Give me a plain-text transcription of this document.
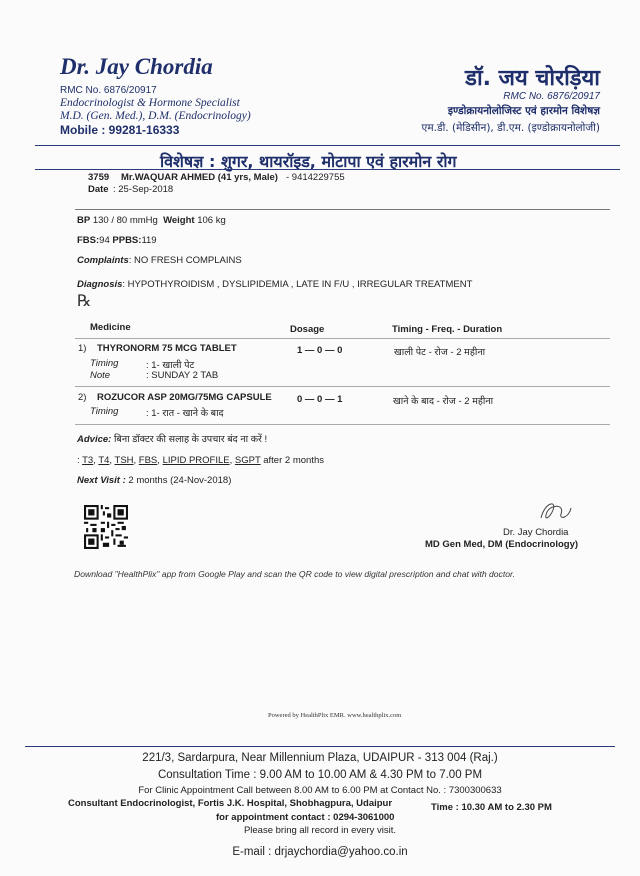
Dr. Jay Chordia
RMC No. 6876/20917
Endocrinologist & Hormone Specialist
M.D. (Gen. Med.), D.M. (Endocrinology)
Mobile : 99281-16333
डॉ. जय चोरड़िया
RMC No. 6876/20917
इण्डोक्रायनोलोजिस्ट एवं हारमोन विशेषज्ञ
एम.डी. (मेडिसीन), डी.एम. (इण्डोक्रायनोलोजी)
विशेषज्ञ : शुगर, थायरॉइड, मोटापा एवं हारमोन रोग
3759 Mr.WAQUAR AHMED (41 yrs, Male) - 9414229755
Date : 25-Sep-2018
BP 130 / 80 mmHg Weight 106 kg
FBS:94 PPBS:119
Complaints: NO FRESH COMPLAINS
Diagnosis: HYPOTHYROIDISM , DYSLIPIDEMIA , LATE IN F/U , IRREGULAR TREATMENT
℞
Medicine	Dosage	Timing - Freq. - Duration
1) THYRONORM 75 MCG TABLET	1 — 0 — 0	खाली पेट - रोज - 2 महीना
Timing	: 1- खाली पेट
Note	: SUNDAY 2 TAB
2) ROZUCOR ASP 20MG/75MG CAPSULE	0 — 0 — 1	खाने के बाद - रोज - 2 महीना
Timing	: 1- रात - खाने के बाद
Advice: बिना डॉक्टर की सलाह के उपचार बंद ना करें !
: T3, T4, TSH, FBS, LIPID PROFILE, SGPT after 2 months
Next Visit : 2 months (24-Nov-2018)
Dr. Jay Chordia
MD Gen Med, DM (Endocrinology)
Download "HealthPlix" app from Google Play and scan the QR code to view digital prescription and chat with doctor.
Powered by HealthPlix EMR. www.healthplix.com
221/3, Sardarpura, Near Millennium Plaza, UDAIPUR - 313 004 (Raj.)
Consultation Time : 9.00 AM to 10.00 AM & 4.30 PM to 7.00 PM
For Clinic Appointment Call between 8.00 AM to 6.00 PM at Contact No. : 7300300633
Consultant Endocrinologist, Fortis J.K. Hospital, Shobhagpura, Udaipur	Time : 10.30 AM to 2.30 PM
for appointment contact : 0294-3061000
Please bring all record in every visit.
E-mail : drjaychordia@yahoo.co.in
